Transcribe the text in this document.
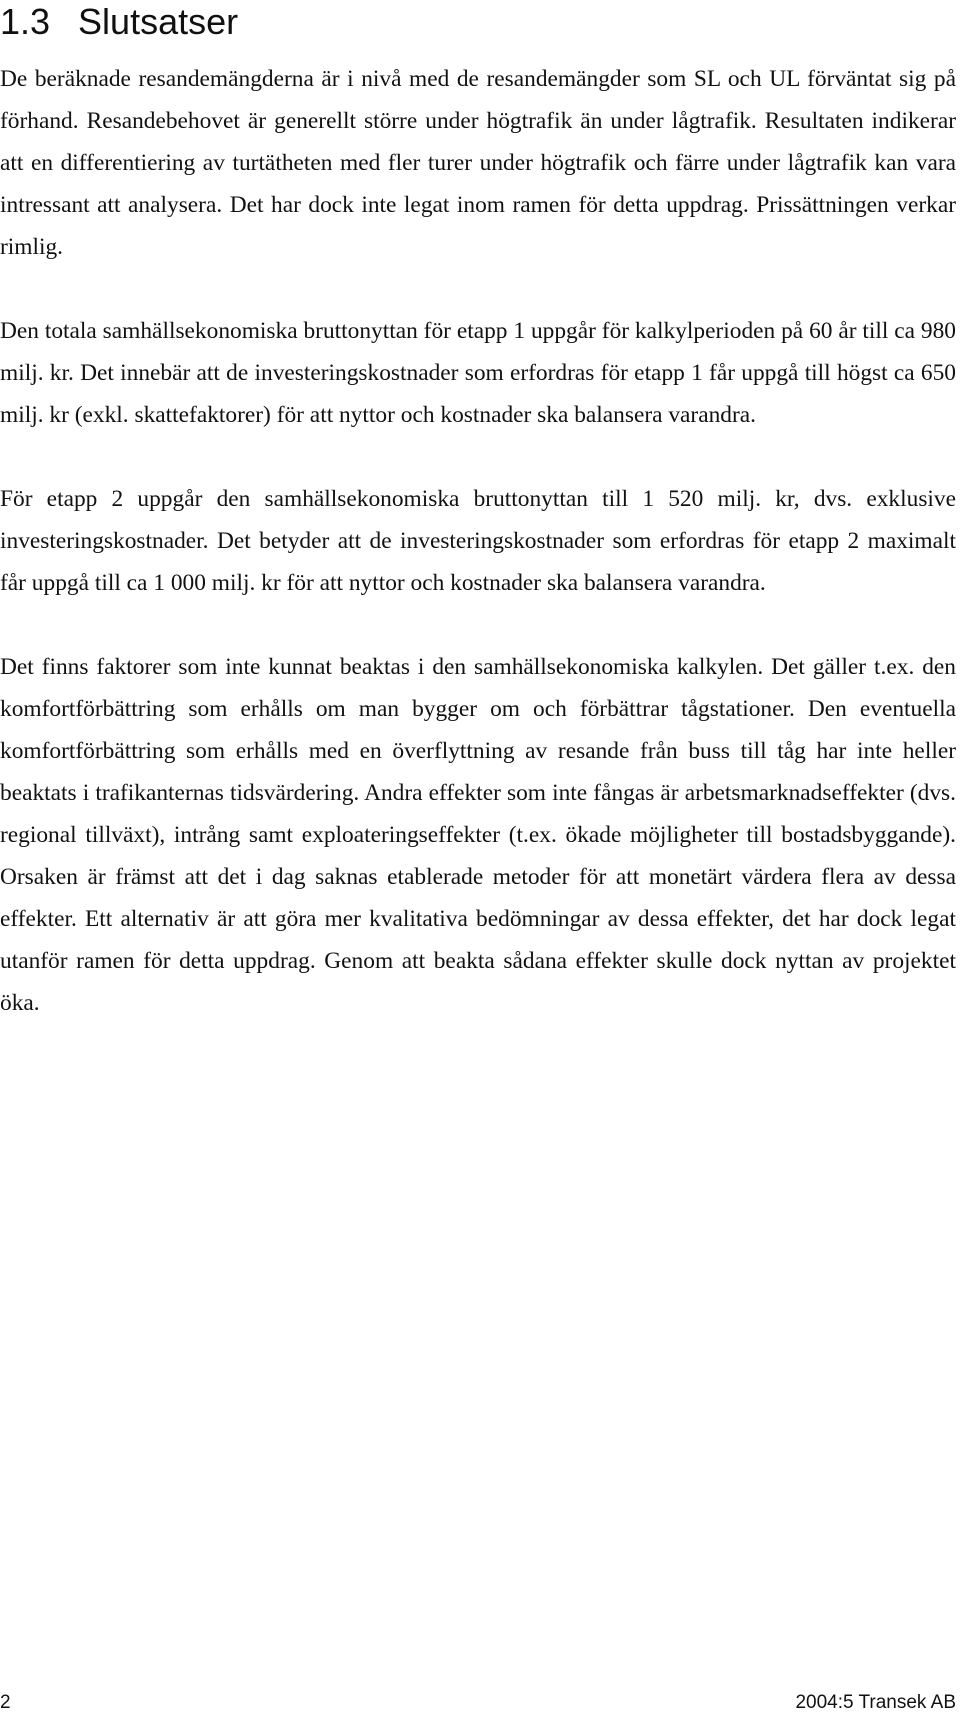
1.3 Slutsatser

De beräknade resandemängderna är i nivå med de resandemängder som SL och UL förväntat sig på förhand. Resandebehovet är generellt större under högtrafik än under lågtrafik. Resultaten indikerar att en differentiering av turtätheten med fler turer under högtrafik och färre under lågtrafik kan vara intressant att analysera. Det har dock inte legat inom ramen för detta uppdrag. Prissättningen verkar rimlig.

Den totala samhällsekonomiska bruttonyttan för etapp 1 uppgår för kalkylperioden på 60 år till ca 980 milj. kr. Det innebär att de investeringskostnader som erfordras för etapp 1 får uppgå till högst ca 650 milj. kr (exkl. skattefaktorer) för att nyttor och kostnader ska balansera varandra.

För etapp 2 uppgår den samhällsekonomiska bruttonyttan till 1 520 milj. kr, dvs. exklusive investeringskostnader. Det betyder att de investeringskostnader som erfordras för etapp 2 maximalt får uppgå till ca 1 000 milj. kr för att nyttor och kostnader ska balansera varandra.

Det finns faktorer som inte kunnat beaktas i den samhällsekonomiska kalkylen. Det gäller t.ex. den komfortförbättring som erhålls om man bygger om och förbättrar tågstationer. Den eventuella komfortförbättring som erhålls med en överflyttning av resande från buss till tåg har inte heller beaktats i trafikanternas tidsvärdering. Andra effekter som inte fångas är arbetsmarknadseffekter (dvs. regional tillväxt), intrång samt exploateringseffekter (t.ex. ökade möjligheter till bostadsbyggande). Orsaken är främst att det i dag saknas etablerade metoder för att monetärt värdera flera av dessa effekter. Ett alternativ är att göra mer kvalitativa bedömningar av dessa effekter, det har dock legat utanför ramen för detta uppdrag. Genom att beakta sådana effekter skulle dock nyttan av projektet öka.

2	2004:5 Transek AB
